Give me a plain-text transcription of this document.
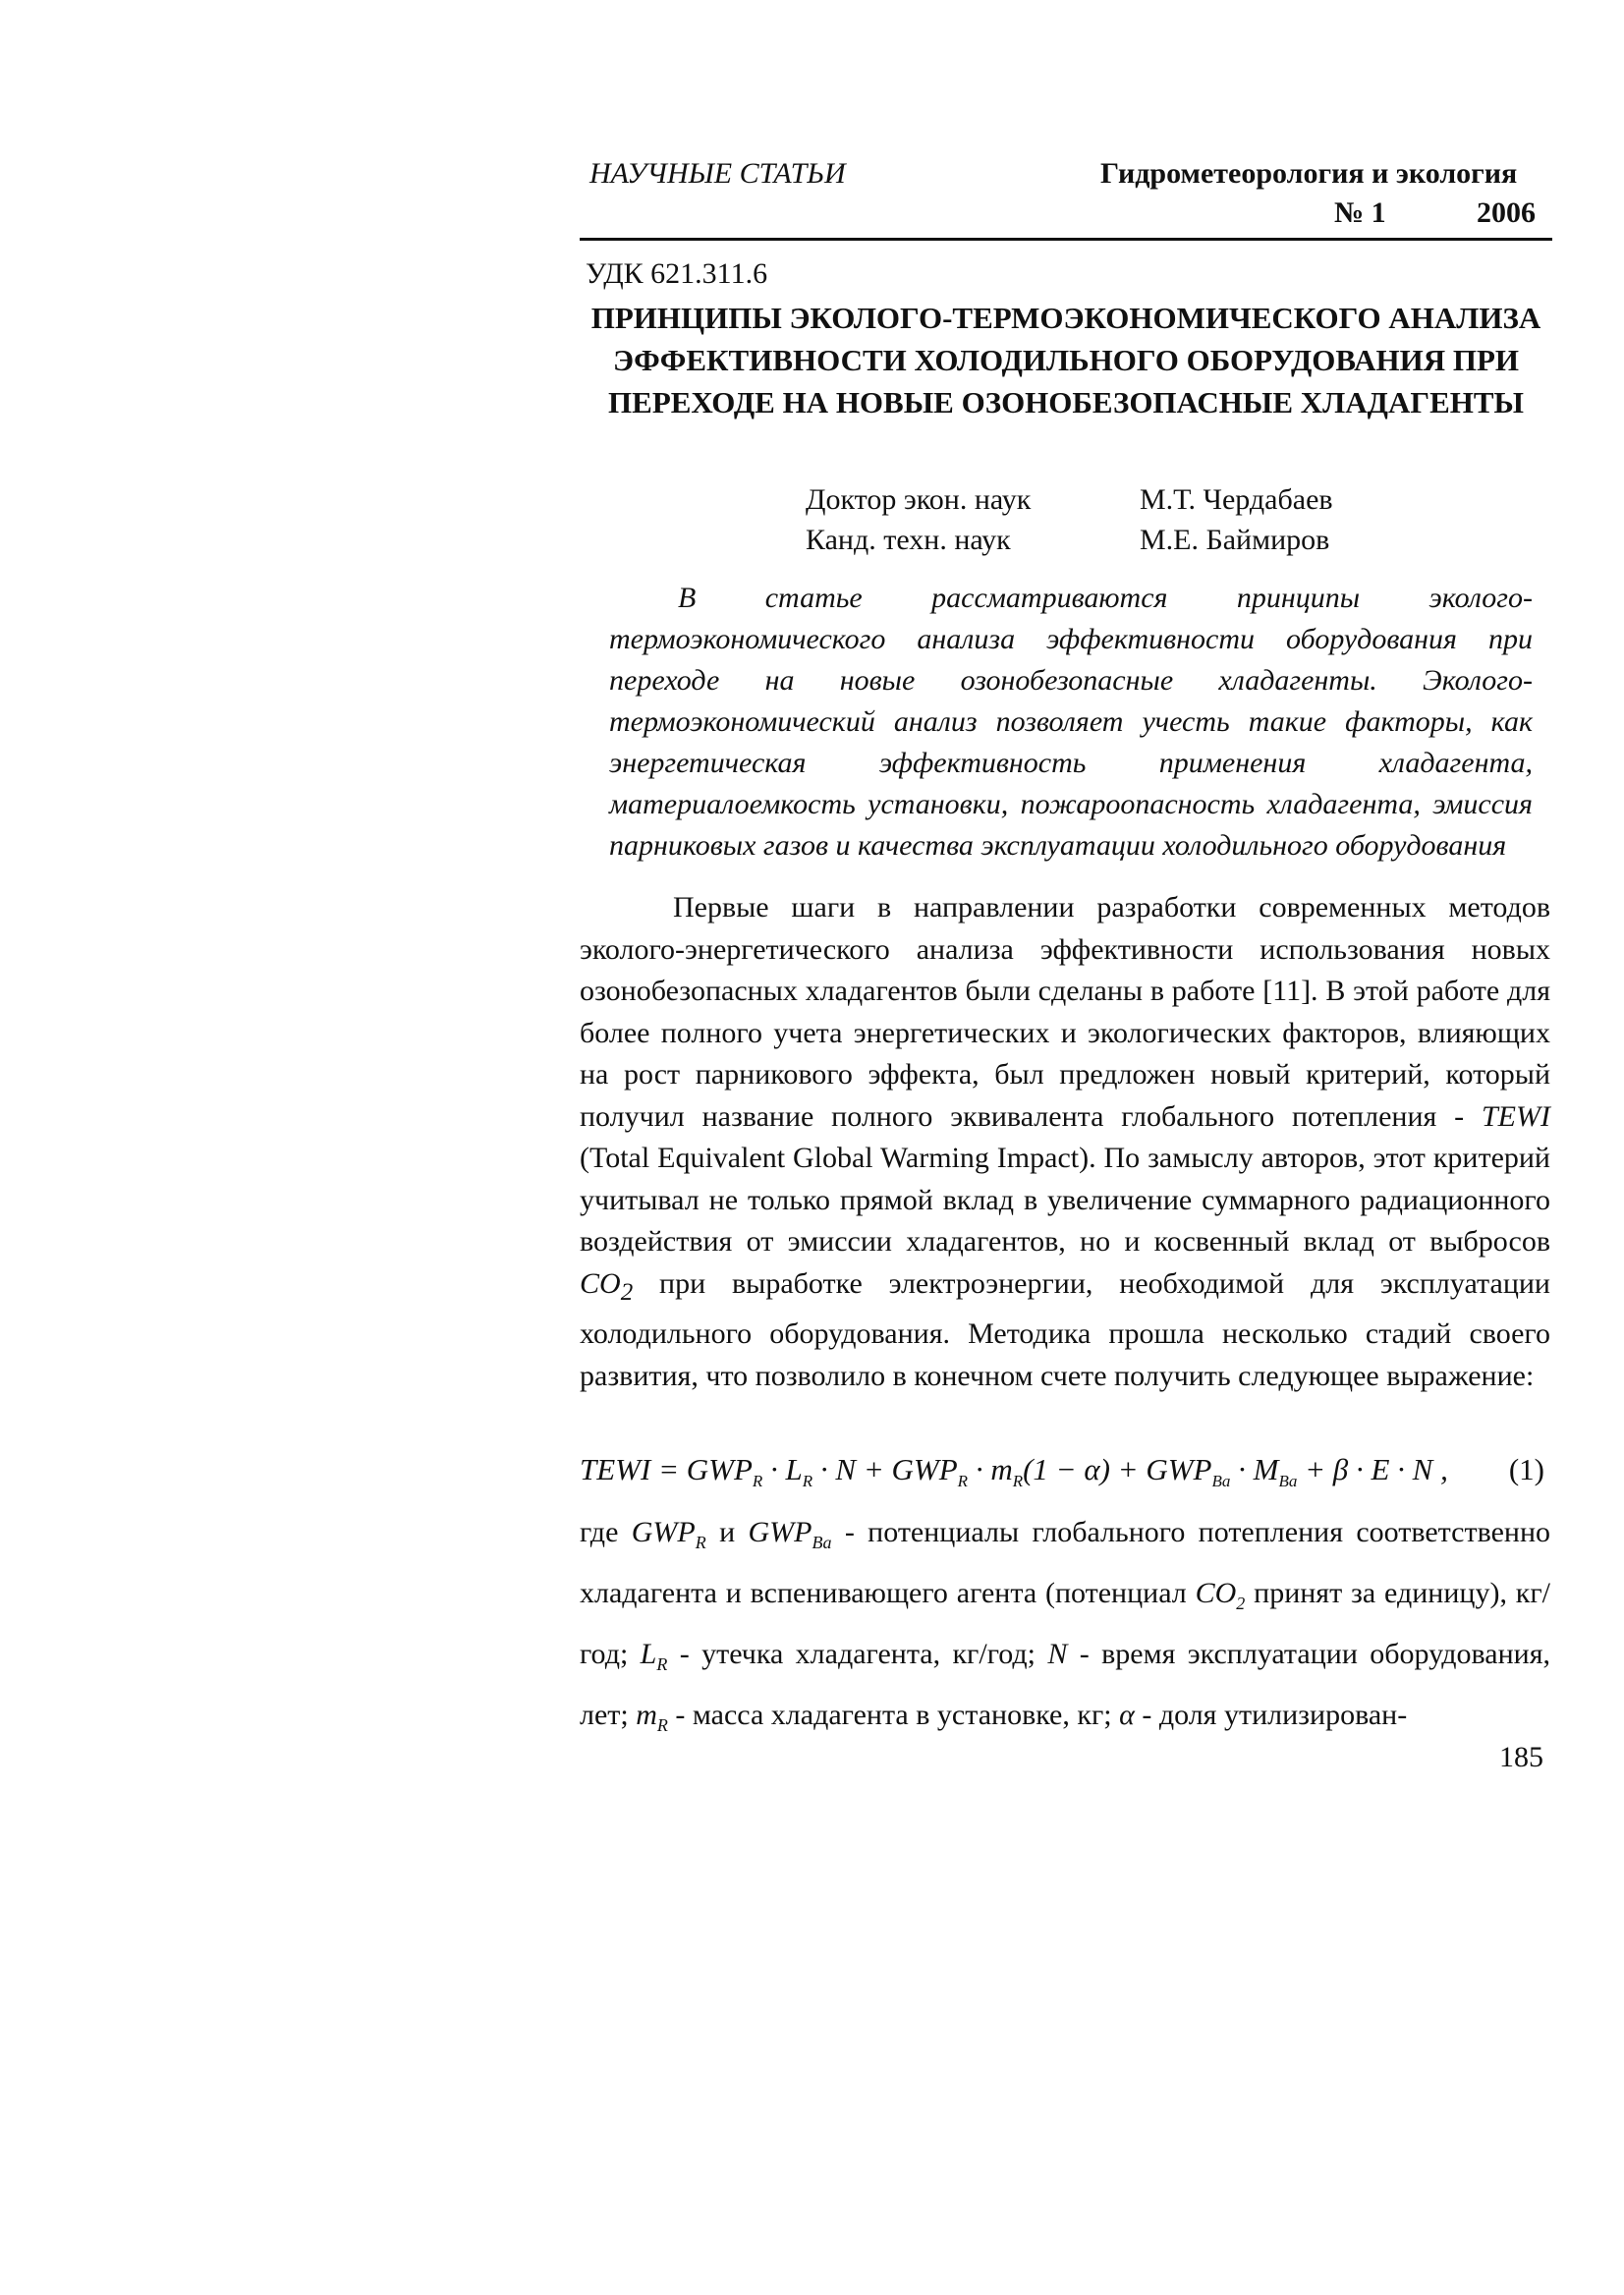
НАУЧНЫЕ СТАТЬИ	Гидрометеорология и экология
№ 1	2006
УДК 621.311.6
ПРИНЦИПЫ ЭКОЛОГО-ТЕРМОЭКОНОМИЧЕСКОГО АНАЛИЗА ЭФФЕКТИВНОСТИ ХОЛОДИЛЬНОГО ОБОРУДОВАНИЯ ПРИ ПЕРЕХОДЕ НА НОВЫЕ ОЗОНОБЕЗОПАСНЫЕ ХЛАДАГЕНТЫ
Доктор экон. наук	М.Т. Чердабаев
Канд. техн. наук	М.Е. Баймиров
В статье рассматриваются принципы эколого-термоэкономического анализа эффективности оборудования при переходе на новые озонобезопасные хладагенты. Эколого-термоэкономический анализ позволяет учесть такие факторы, как энергетическая эффективность применения хладагента, материалоемкость установки, пожароопасность хладагента, эмиссия парниковых газов и качества эксплуатации холодильного оборудования

Первые шаги в направлении разработки современных методов эколого-энергетического анализа эффективности использования новых озонобезопасных хладагентов были сделаны в работе [11]. В этой работе для более полного учета энергетических и экологических факторов, влияющих на рост парникового эффекта, был предложен новый критерий, который получил название полного эквивалента глобального потепления - TEWI (Total Equivalent Global Warming Impact). По замыслу авторов, этот критерий учитывал не только прямой вклад в увеличение суммарного радиационного воздействия от эмиссии хладагентов, но и косвенный вклад от выбросов $CO_2$ при выработке электроэнергии, необходимой для эксплуатации холодильного оборудования. Методика прошла несколько стадий своего развития, что позволило в конечном счете получить следующее выражение:

TEWI = $GWP_R \cdot L_R \cdot N + GWP_R \cdot m_R(1 - \alpha) + GWP_{Ba} \cdot M_{Ba} + \beta \cdot E \cdot N$ , (1)
где $GWP_R$ и $GWP_{Ba}$ - потенциалы глобального потепления соответственно хладагента и вспенивающего агента (потенциал $CO_2$ принят за единицу), кг/год; $L_R$ - утечка хладагента, кг/год; N - время эксплуатации оборудования, лет; $m_R$ - масса хладагента в установке, кг; α - доля утилизирован-
185
